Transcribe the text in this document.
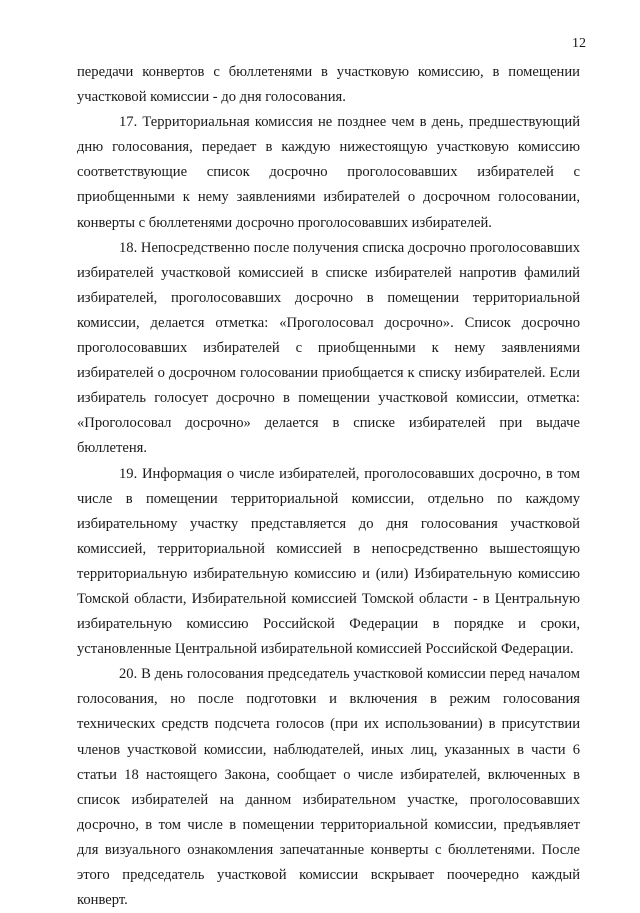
12

передачи конвертов с бюллетенями в участковую комиссию, в помещении участковой комиссии - до дня голосования.

17. Территориальная комиссия не позднее чем в день, предшествующий дню голосования, передает в каждую нижестоящую участковую комиссию соответствующие список досрочно проголосовавших избирателей с приобщенными к нему заявлениями избирателей о досрочном голосовании, конверты с бюллетенями досрочно проголосовавших избирателей.

18. Непосредственно после получения списка досрочно проголосовавших избирателей участковой комиссией в списке избирателей напротив фамилий избирателей, проголосовавших досрочно в помещении территориальной комиссии, делается отметка: «Проголосовал досрочно». Список досрочно проголосовавших избирателей с приобщенными к нему заявлениями избирателей о досрочном голосовании приобщается к списку избирателей. Если избиратель голосует досрочно в помещении участковой комиссии, отметка: «Проголосовал досрочно» делается в списке избирателей при выдаче бюллетеня.

19. Информация о числе избирателей, проголосовавших досрочно, в том числе в помещении территориальной комиссии, отдельно по каждому избирательному участку представляется до дня голосования участковой комиссией, территориальной комиссией в непосредственно вышестоящую территориальную избирательную комиссию и (или) Избирательную комиссию Томской области, Избирательной комиссией Томской области - в Центральную избирательную комиссию Российской Федерации в порядке и сроки, установленные Центральной избирательной комиссией Российской Федерации.

20. В день голосования председатель участковой комиссии перед началом голосования, но после подготовки и включения в режим голосования технических средств подсчета голосов (при их использовании) в присутствии членов участковой комиссии, наблюдателей, иных лиц, указанных в части 6 статьи 18 настоящего Закона, сообщает о числе избирателей, включенных в список избирателей на данном избирательном участке, проголосовавших досрочно, в том числе в помещении территориальной комиссии, предъявляет для визуального ознакомления запечатанные конверты с бюллетенями. После этого председатель участковой комиссии вскрывает поочередно каждый конверт.
